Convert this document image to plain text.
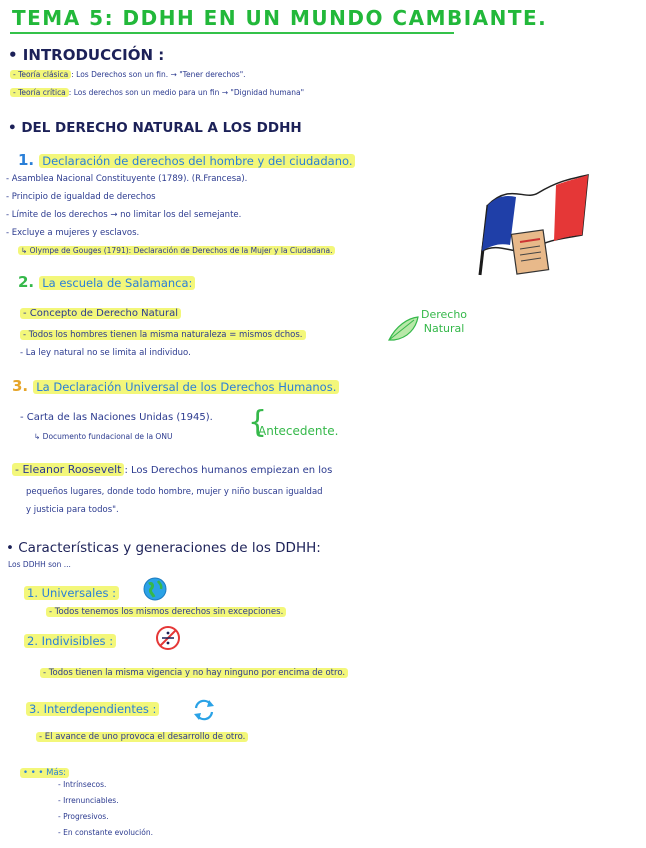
TEMA 5: DDHH EN UN MUNDO CAMBIANTE.
• INTRODUCCIÓN :
- Teoría clásica : Los Derechos son un fin. → "Tener derechos".
- Teoría crítica : Los derechos son un medio para un fin → "Dignidad humana"
• DEL DERECHO NATURAL A LOS DDHH
1. Declaración de derechos del hombre y del ciudadano.
- Asamblea Nacional Constituyente (1789). (R.Francesa).
- Principio de igualdad de derechos
- Límite de los derechos → no limitar los del semejante.
- Excluye a mujeres y esclavos.
↳ Olympe de Gouges (1791): Declaración de Derechos de la Mujer y la Ciudadana.
2. La escuela de Salamanca:
- Concepto de Derecho Natural
- Todos los hombres tienen la misma naturaleza = mismos dchos.
- La ley natural no se limita al individuo.
Derecho
Natural
3. La Declaración Universal de los Derechos Humanos.
- Carta de las Naciones Unidas (1945).
↳ Documento fundacional de la ONU	{
Antecedente.
- Eleanor Roosevelt : Los Derechos humanos empiezan en los
pequeños lugares, donde todo hombre, mujer y niño buscan igualdad
y justicia para todos".
• Características y generaciones de los DDHH:
Los DDHH son ...
1. Universales :
- Todos tenemos los mismos derechos sin excepciones.
2. Indivisibles :
- Todos tienen la misma vigencia y no hay ninguno por encima de otro.
3. Interdependientes :
- El avance de uno provoca el desarrollo de otro.
• • • Más:
- Intrínsecos.
- Irrenunciables.
- Progresivos.
- En constante evolución.
